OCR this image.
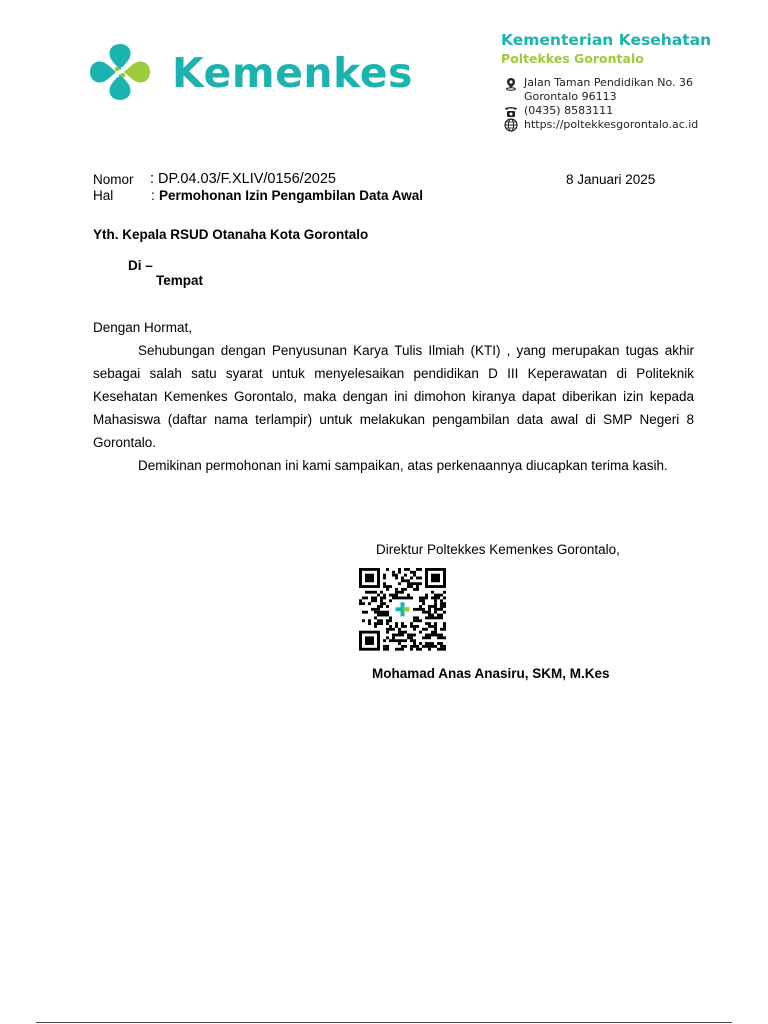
Kemenkes
Kementerian Kesehatan
Poltekkes Gorontalo
Jalan Taman Pendidikan No. 36
Gorontalo 96113
(0435) 8583111
https://poltekkesgorontalo.ac.id
Nomor : DP.04.03/F.XLIV/0156/2025	8 Januari 2025
Hal	: Permohonan Izin Pengambilan Data Awal
Yth. Kepala RSUD Otanaha Kota Gorontalo
Di –
Tempat
Dengan Hormat,
Sehubungan dengan Penyusunan Karya Tulis Ilmiah (KTI) , yang merupakan tugas akhir sebagai salah satu syarat untuk menyelesaikan pendidikan D III Keperawatan di Politeknik Kesehatan Kemenkes Gorontalo, maka dengan ini dimohon kiranya dapat diberikan izin kepada Mahasiswa (daftar nama terlampir) untuk melakukan pengambilan data awal di SMP Negeri 8 Gorontalo.
Demikinan permohonan ini kami sampaikan, atas perkenaannya diucapkan terima kasih.
Direktur Poltekkes Kemenkes Gorontalo,
Mohamad Anas Anasiru, SKM, M.Kes
